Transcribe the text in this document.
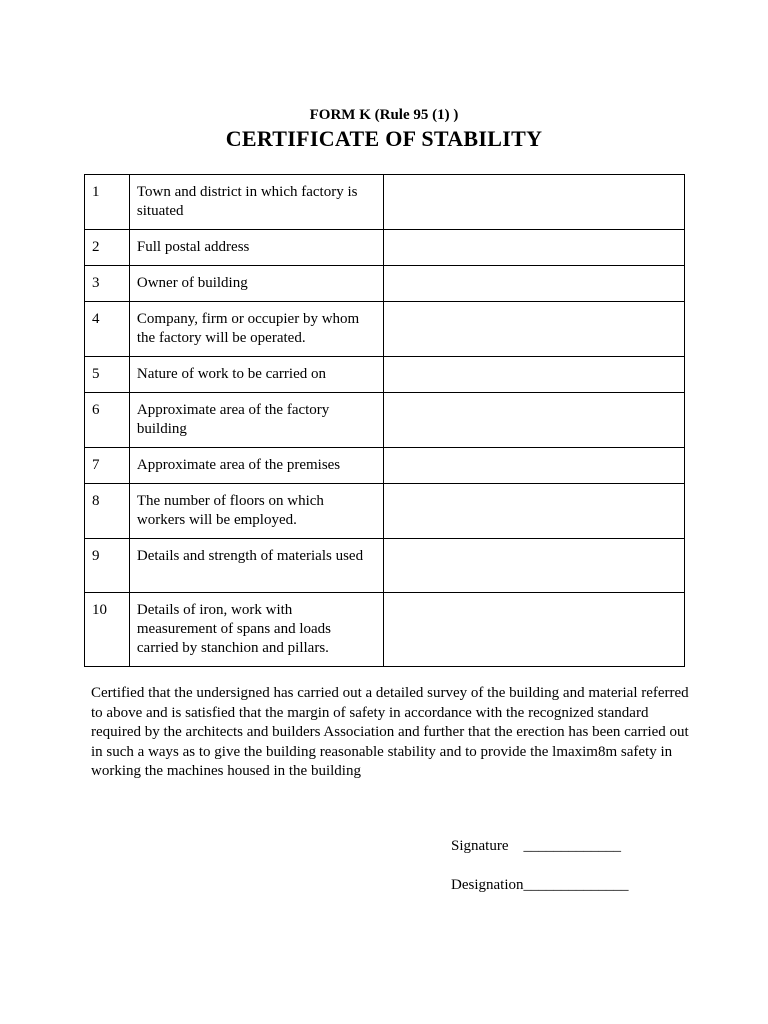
FORM K (Rule 95 (1) )
CERTIFICATE OF STABILITY
1	Town and district in which factory is situated	
2	Full postal address	
3	Owner of building	
4	Company, firm or occupier by whom the factory will be operated.	
5	Nature of work to be carried on	
6	Approximate area of the factory building	
7	Approximate area of the premises	
8	The number of floors on which workers will be employed.	
9	Details and strength of materials used	
10	Details of iron, work with measurement of spans and loads carried by stanchion and pillars.	
Certified that the undersigned has carried out a detailed survey of the building and material referred to above and is satisfied that the margin of safety in accordance with the recognized standard required by the architects and builders Association and further that the erection has been carried out in such a ways as to give the building reasonable stability and to provide the lmaxim8m safety in working the machines housed in the building
Signature    _____________
Designation______________
